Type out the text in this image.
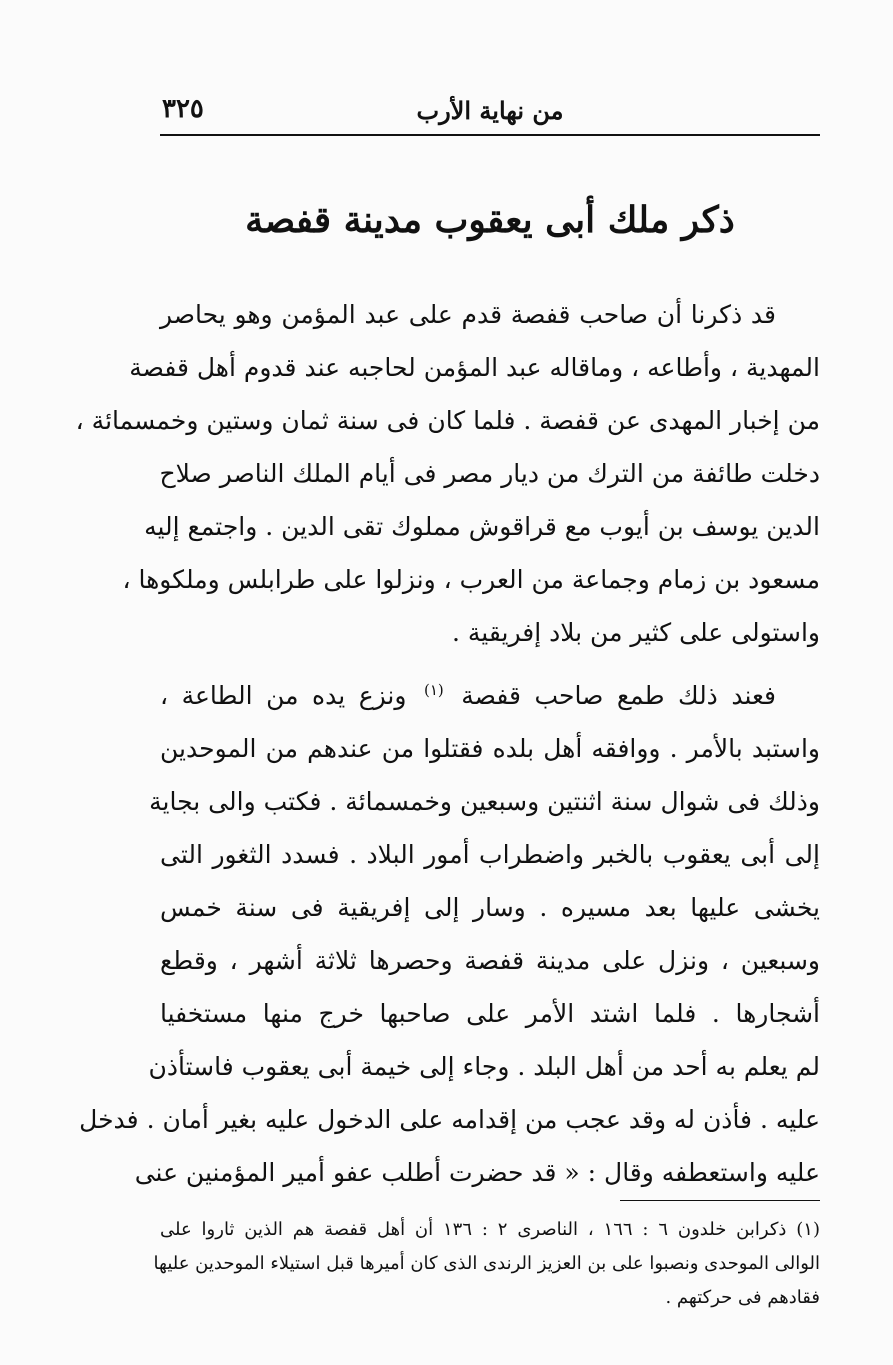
من نهاية الأرب
٣٢٥
ذكر ملك أبى يعقوب مدينة قفصة
قد ذكرنا أن صاحب قفصة قدم على عبد المؤمن وهو يحاصر
المهدية ، وأطاعه ، وماقاله عبد المؤمن لحاجبه عند قدوم أهل قفصة
من إخبار المهدى عن قفصة . فلما كان فى سنة ثمان وستين وخمسمائة ،
دخلت طائفة من الترك من ديار مصر فى أيام الملك الناصر صلاح
الدين يوسف بن أيوب مع قراقوش مملوك تقى الدين . واجتمع إليه
مسعود بن زمام وجماعة من العرب ، ونزلوا على طرابلس وملكوها ،
واستولى على كثير من بلاد إفريقية .
فعند ذلك طمع صاحب قفصة $^{(١)}$ ونزع يده من الطاعة ،
واستبد بالأمر . ووافقه أهل بلده فقتلوا من عندهم من الموحدين
وذلك فى شوال سنة اثنتين وسبعين وخمسمائة . فكتب والى بجاية
إلى أبى يعقوب بالخبر واضطراب أمور البلاد . فسدد الثغور التى
يخشى عليها بعد مسيره . وسار إلى إفريقية فى سنة خمس
وسبعين ، ونزل على مدينة قفصة وحصرها ثلاثة أشهر ، وقطع
أشجارها . فلما اشتد الأمر على صاحبها خرج منها مستخفيا
لم يعلم به أحد من أهل البلد . وجاء إلى خيمة أبى يعقوب فاستأذن
عليه . فأذن له وقد عجب من إقدامه على الدخول عليه بغير أمان . فدخل
عليه واستعطفه وقال : « قد حضرت أطلب عفو أمير المؤمنين عنى
(١) ذكرابن خلدون ٦ : ١٦٦ ، الناصرى ٢ : ١٣٦ أن أهل قفصة هم الذين ثاروا على
الوالى الموحدى ونصبوا على بن العزيز الرندى الذى كان أميرها قبل استيلاء الموحدين عليها
فقادهم فى حركتهم .
